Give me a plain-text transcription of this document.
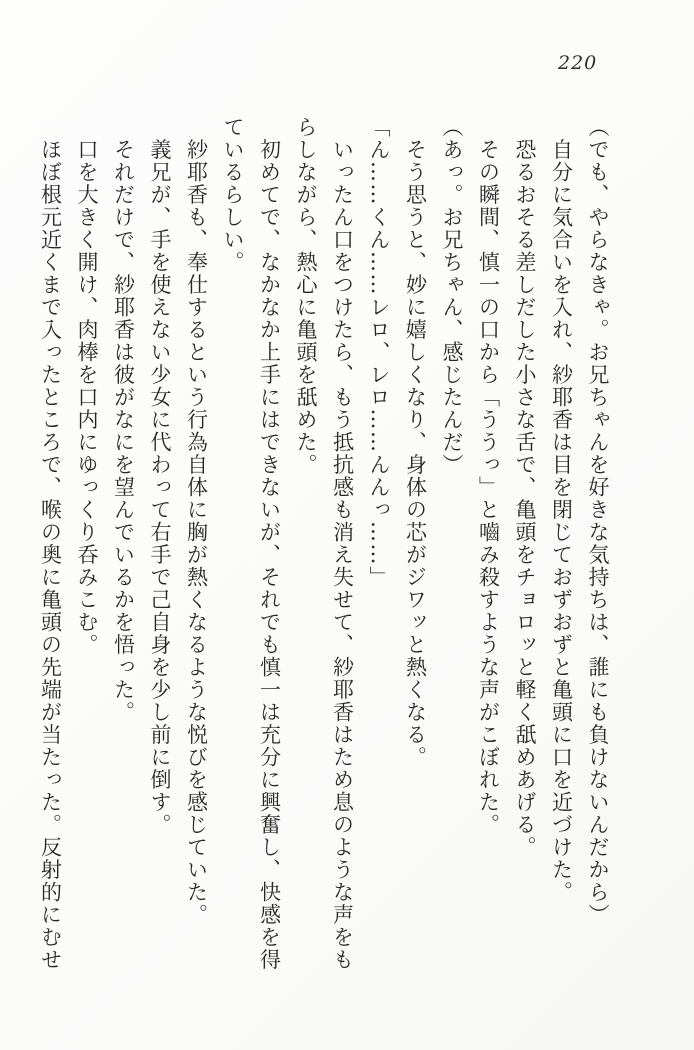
220

（でも、やらなきゃ。お兄ちゃんを好きな気持ちは、誰にも負けないんだから）

　自分に気合いを入れ、紗耶香は目を閉じておずおずと亀頭に口を近づけた。

　恐るおそる差しだした小さな舌で、亀頭をチョロッと軽く舐めあげる。

　その瞬間、慎一の口から「ううっ」と嚙み殺すような声がこぼれた。

（あっ。お兄ちゃん、感じたんだ）

　そう思うと、妙に嬉しくなり、身体の芯がジワッと熱くなる。

「ん……くん……レロ、レロ……んんっ……」

　いったん口をつけたら、もう抵抗感も消え失せて、紗耶香はため息のような声をも

らしながら、熱心に亀頭を舐めた。

　初めてで、なかなか上手にはできないが、それでも慎一は充分に興奮し、快感を得

ているらしい。

　紗耶香も、奉仕するという行為自体に胸が熱くなるような悦びを感じていた。

　義兄が、手を使えない少女に代わって右手で己自身を少し前に倒す。

　それだけで、紗耶香は彼がなにを望んでいるかを悟った。

　口を大きく開け、肉棒を口内にゆっくり呑みこむ。

　ほぼ根元近くまで入ったところで、喉の奥に亀頭の先端が当たった。反射的にむせ
